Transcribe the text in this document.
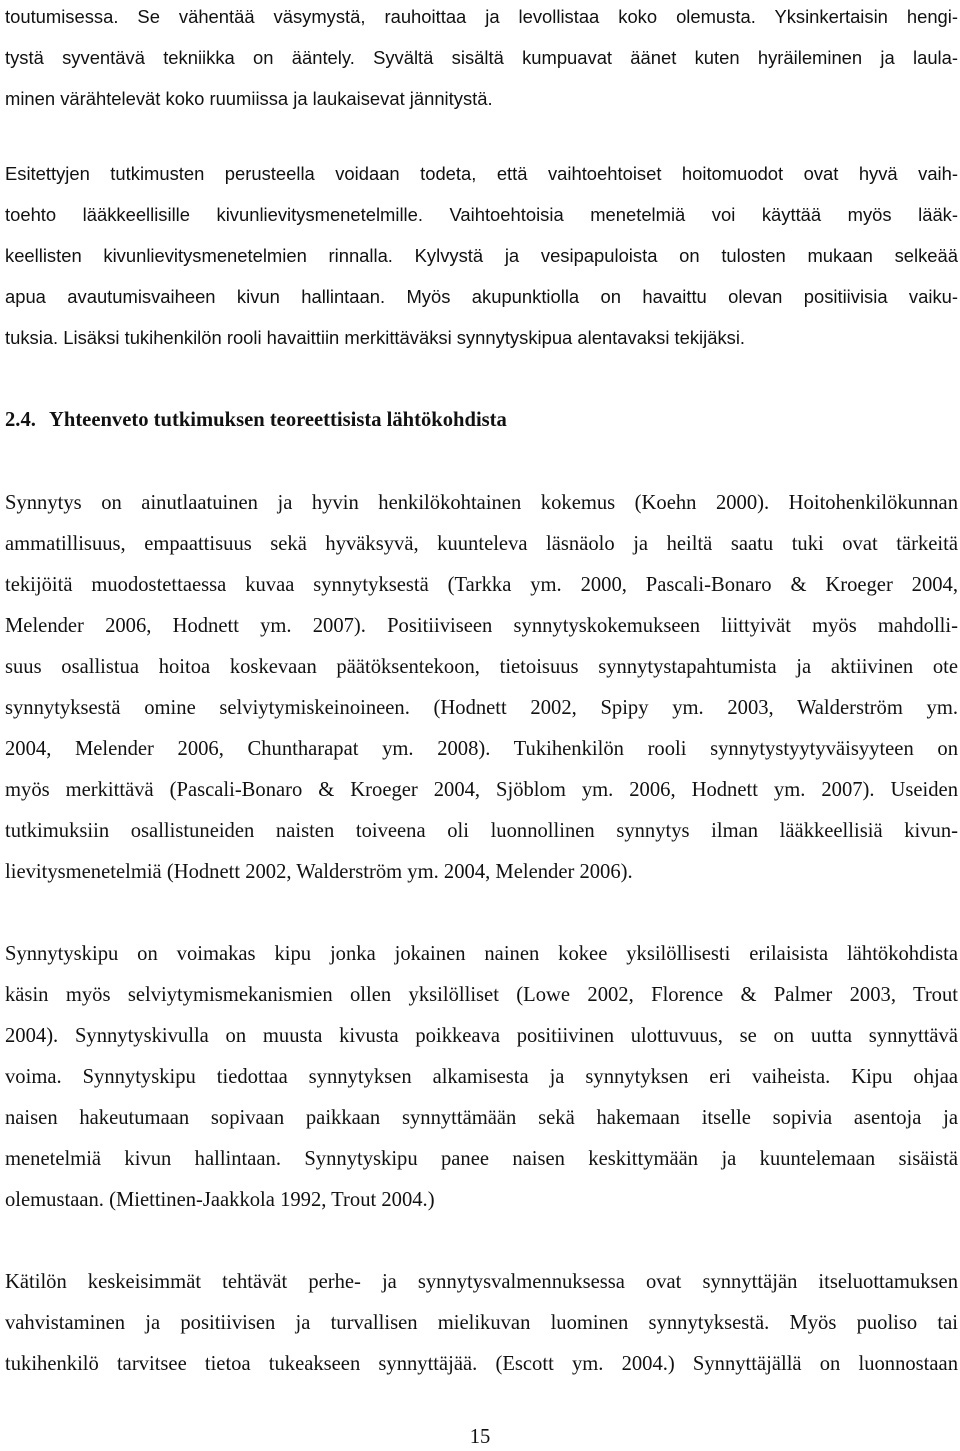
toutumisessa. Se vähentää väsymystä, rauhoittaa ja levollistaa koko olemusta. Yksinkertaisin hengi-
tystä syventävä tekniikka on ääntely. Syvältä sisältä kumpuavat äänet kuten hyräileminen ja laula-
minen värähtelevät koko ruumiissa ja laukaisevat jännitystä.
Esitettyjen tutkimusten perusteella voidaan todeta, että vaihtoehtoiset hoitomuodot ovat hyvä vaih-
toehto lääkkeellisille kivunlievitysmenetelmille. Vaihtoehtoisia menetelmiä voi käyttää myös lääk-
keellisten kivunlievitysmenetelmien rinnalla. Kylvystä ja vesipapuloista on tulosten mukaan selkeää
apua avautumisvaiheen kivun hallintaan. Myös akupunktiolla on havaittu olevan positiivisia vaiku-
tuksia. Lisäksi tukihenkilön rooli havaittiin merkittäväksi synnytyskipua alentavaksi tekijäksi.
2.4. Yhteenveto tutkimuksen teoreettisista lähtökohdista
Synnytys on ainutlaatuinen ja hyvin henkilökohtainen kokemus (Koehn 2000). Hoitohenkilökunnan
ammatillisuus, empaattisuus sekä hyväksyvä, kuunteleva läsnäolo ja heiltä saatu tuki ovat tärkeitä
tekijöitä muodostettaessa kuvaa synnytyksestä (Tarkka ym. 2000, Pascali-Bonaro & Kroeger 2004,
Melender 2006, Hodnett ym. 2007). Positiiviseen synnytyskokemukseen liittyivät myös mahdolli-
suus osallistua hoitoa koskevaan päätöksentekoon, tietoisuus synnytystapahtumista ja aktiivinen ote
synnytyksestä omine selviytymiskeinoineen. (Hodnett 2002, Spipy ym. 2003, Walderström ym.
2004, Melender 2006, Chuntharapat ym. 2008). Tukihenkilön rooli synnytystyytyväisyyteen on
myös merkittävä (Pascali-Bonaro & Kroeger 2004, Sjöblom ym. 2006, Hodnett ym. 2007). Useiden
tutkimuksiin osallistuneiden naisten toiveena oli luonnollinen synnytys ilman lääkkeellisiä kivun-
lievitysmenetelmiä (Hodnett 2002, Walderström ym. 2004, Melender 2006).
Synnytyskipu on voimakas kipu jonka jokainen nainen kokee yksilöllisesti erilaisista lähtökohdista
käsin myös selviytymismekanismien ollen yksilölliset (Lowe 2002, Florence & Palmer 2003, Trout
2004). Synnytyskivulla on muusta kivusta poikkeava positiivinen ulottuvuus, se on uutta synnyttävä
voima. Synnytyskipu tiedottaa synnytyksen alkamisesta ja synnytyksen eri vaiheista. Kipu ohjaa
naisen hakeutumaan sopivaan paikkaan synnyttämään sekä hakemaan itselle sopivia asentoja ja
menetelmiä kivun hallintaan. Synnytyskipu panee naisen keskittymään ja kuuntelemaan sisäistä
olemustaan. (Miettinen-Jaakkola 1992, Trout 2004.)
Kätilön keskeisimmät tehtävät perhe- ja synnytysvalmennuksessa ovat synnyttäjän itseluottamuksen
vahvistaminen ja positiivisen ja turvallisen mielikuvan luominen synnytyksestä. Myös puoliso tai
tukihenkilö tarvitsee tietoa tukeakseen synnyttäjää. (Escott ym. 2004.) Synnyttäjällä on luonnostaan
15
